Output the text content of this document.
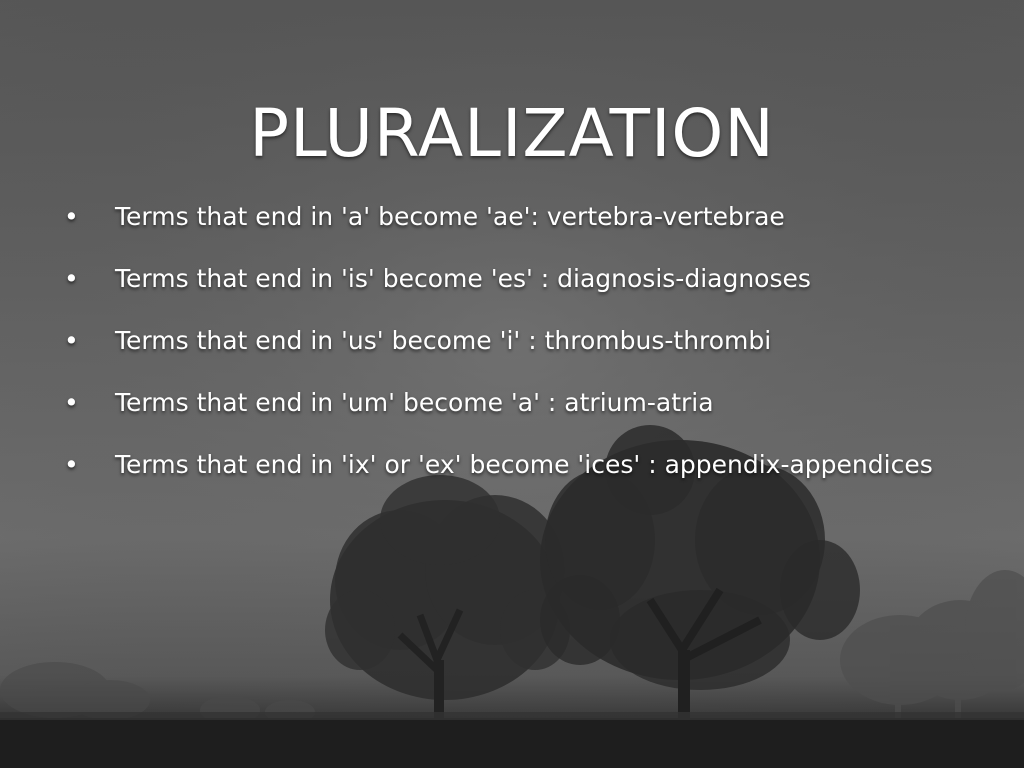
PLURALIZATION
• Terms that end in 'a' become 'ae': vertebra-vertebrae
• Terms that end in 'is' become 'es' : diagnosis-diagnoses
• Terms that end in 'us' become 'i' : thrombus-thrombi
• Terms that end in 'um' become 'a' : atrium-atria
• Terms that end in 'ix' or 'ex' become 'ices' : appendix-appendices
